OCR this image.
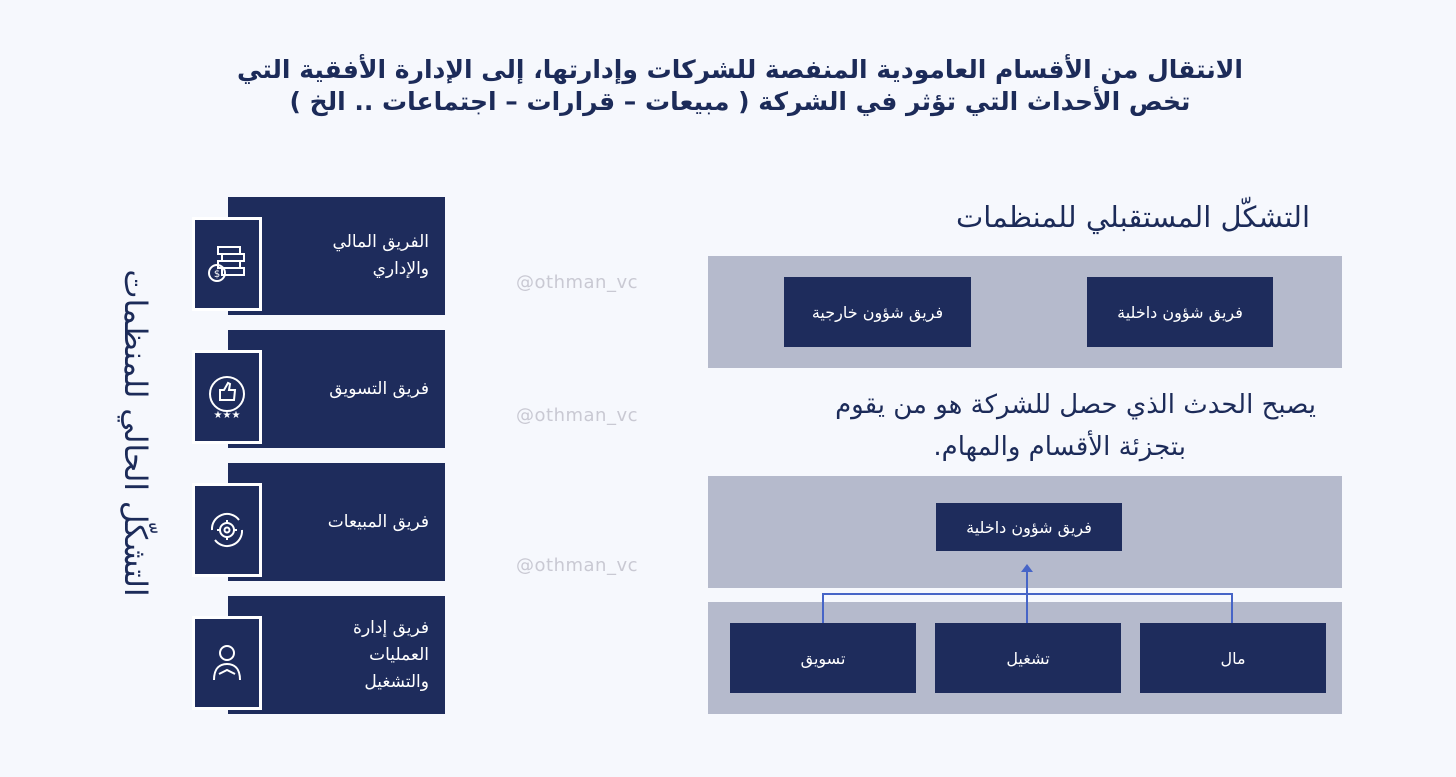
الانتقال من الأقسام العامودية المنفصة للشركات وإدارتها، إلى الإدارة الأفقية التي
تخص الأحداث التي تؤثر في الشركة ( مبيعات – قرارات – اجتماعات .. الخ )
التشكّل الحالي للمنظمات
الفريق المالي والإداري
$
فريق التسويق
★★★
فريق المبيعات
فريق إدارة العمليات والتشغيل
@othman_vc
@othman_vc
@othman_vc
التشكّل المستقبلي للمنظمات
فريق شؤون خارجية	فريق شؤون داخلية
يصبح الحدث الذي حصل للشركة هو من يقوم
بتجزئة الأقسام والمهام.
فريق شؤون داخلية
تسويق	تشغيل	مال
